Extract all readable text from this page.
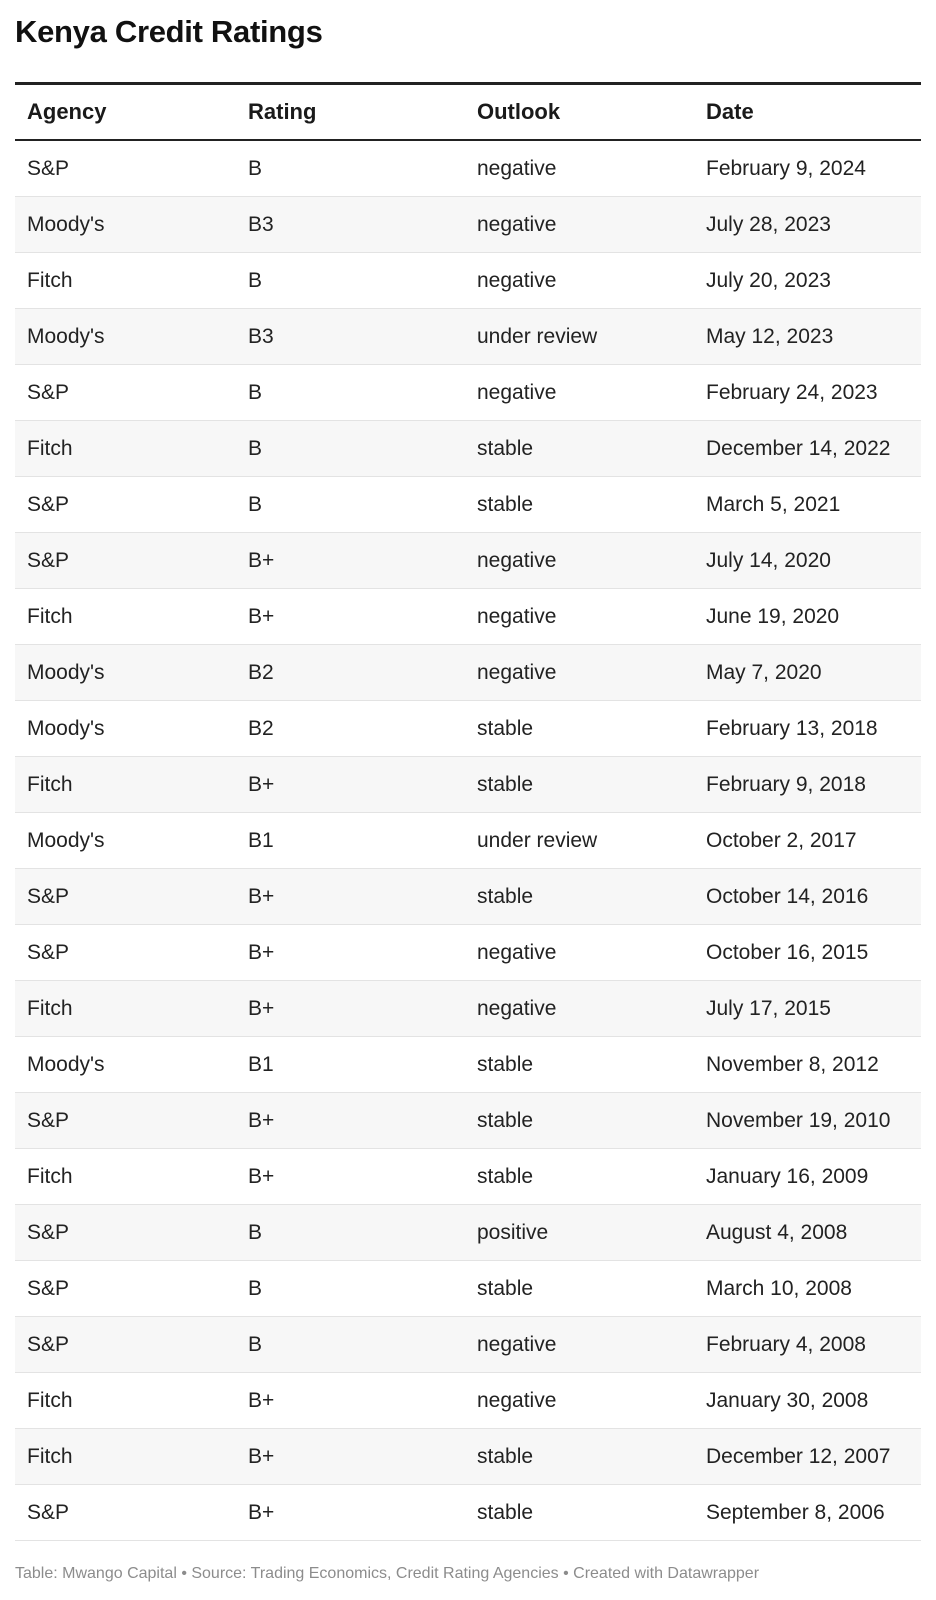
Kenya Credit Ratings
Agency	Rating	Outlook	Date
S&P	B	negative	February 9, 2024
Moody's	B3	negative	July 28, 2023
Fitch	B	negative	July 20, 2023
Moody's	B3	under review	May 12, 2023
S&P	B	negative	February 24, 2023
Fitch	B	stable	December 14, 2022
S&P	B	stable	March 5, 2021
S&P	B+	negative	July 14, 2020
Fitch	B+	negative	June 19, 2020
Moody's	B2	negative	May 7, 2020
Moody's	B2	stable	February 13, 2018
Fitch	B+	stable	February 9, 2018
Moody's	B1	under review	October 2, 2017
S&P	B+	stable	October 14, 2016
S&P	B+	negative	October 16, 2015
Fitch	B+	negative	July 17, 2015
Moody's	B1	stable	November 8, 2012
S&P	B+	stable	November 19, 2010
Fitch	B+	stable	January 16, 2009
S&P	B	positive	August 4, 2008
S&P	B	stable	March 10, 2008
S&P	B	negative	February 4, 2008
Fitch	B+	negative	January 30, 2008
Fitch	B+	stable	December 12, 2007
S&P	B+	stable	September 8, 2006

Table: Mwango Capital • Source: Trading Economics, Credit Rating Agencies • Created with Datawrapper
